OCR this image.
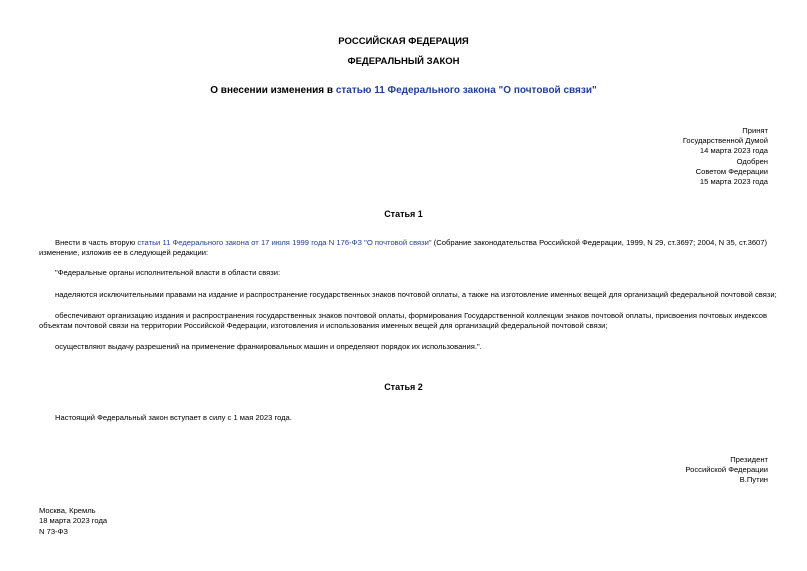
РОССИЙСКАЯ ФЕДЕРАЦИЯ
ФЕДЕРАЛЬНЫЙ ЗАКОН
О внесении изменения в статью 11 Федерального закона "О почтовой связи"
Принят
Государственной Думой
14 марта 2023 года
Одобрен
Советом Федерации
15 марта 2023 года
Статья 1
Внести в часть вторую статьи 11 Федерального закона от 17 июля 1999 года N 176-ФЗ "О почтовой связи" (Собрание законодательства Российской Федерации, 1999, N 29, ст.3697; 2004, N 35, ст.3607) изменение, изложив ее в следующей редакции:
"Федеральные органы исполнительной власти в области связи:
наделяются исключительными правами на издание и распространение государственных знаков почтовой оплаты, а также на изготовление именных вещей для организаций федеральной почтовой связи;
обеспечивают организацию издания и распространения государственных знаков почтовой оплаты, формирования Государственной коллекции знаков почтовой оплаты, присвоения почтовых индексов объектам почтовой связи на территории Российской Федерации, изготовления и использования именных вещей для организаций федеральной почтовой связи;
осуществляют выдачу разрешений на применение франкировальных машин и определяют порядок их использования.".
Статья 2
Настоящий Федеральный закон вступает в силу с 1 мая 2023 года.
Президент
Российской Федерации
В.Путин
Москва, Кремль
18 марта 2023 года
N 73-ФЗ
